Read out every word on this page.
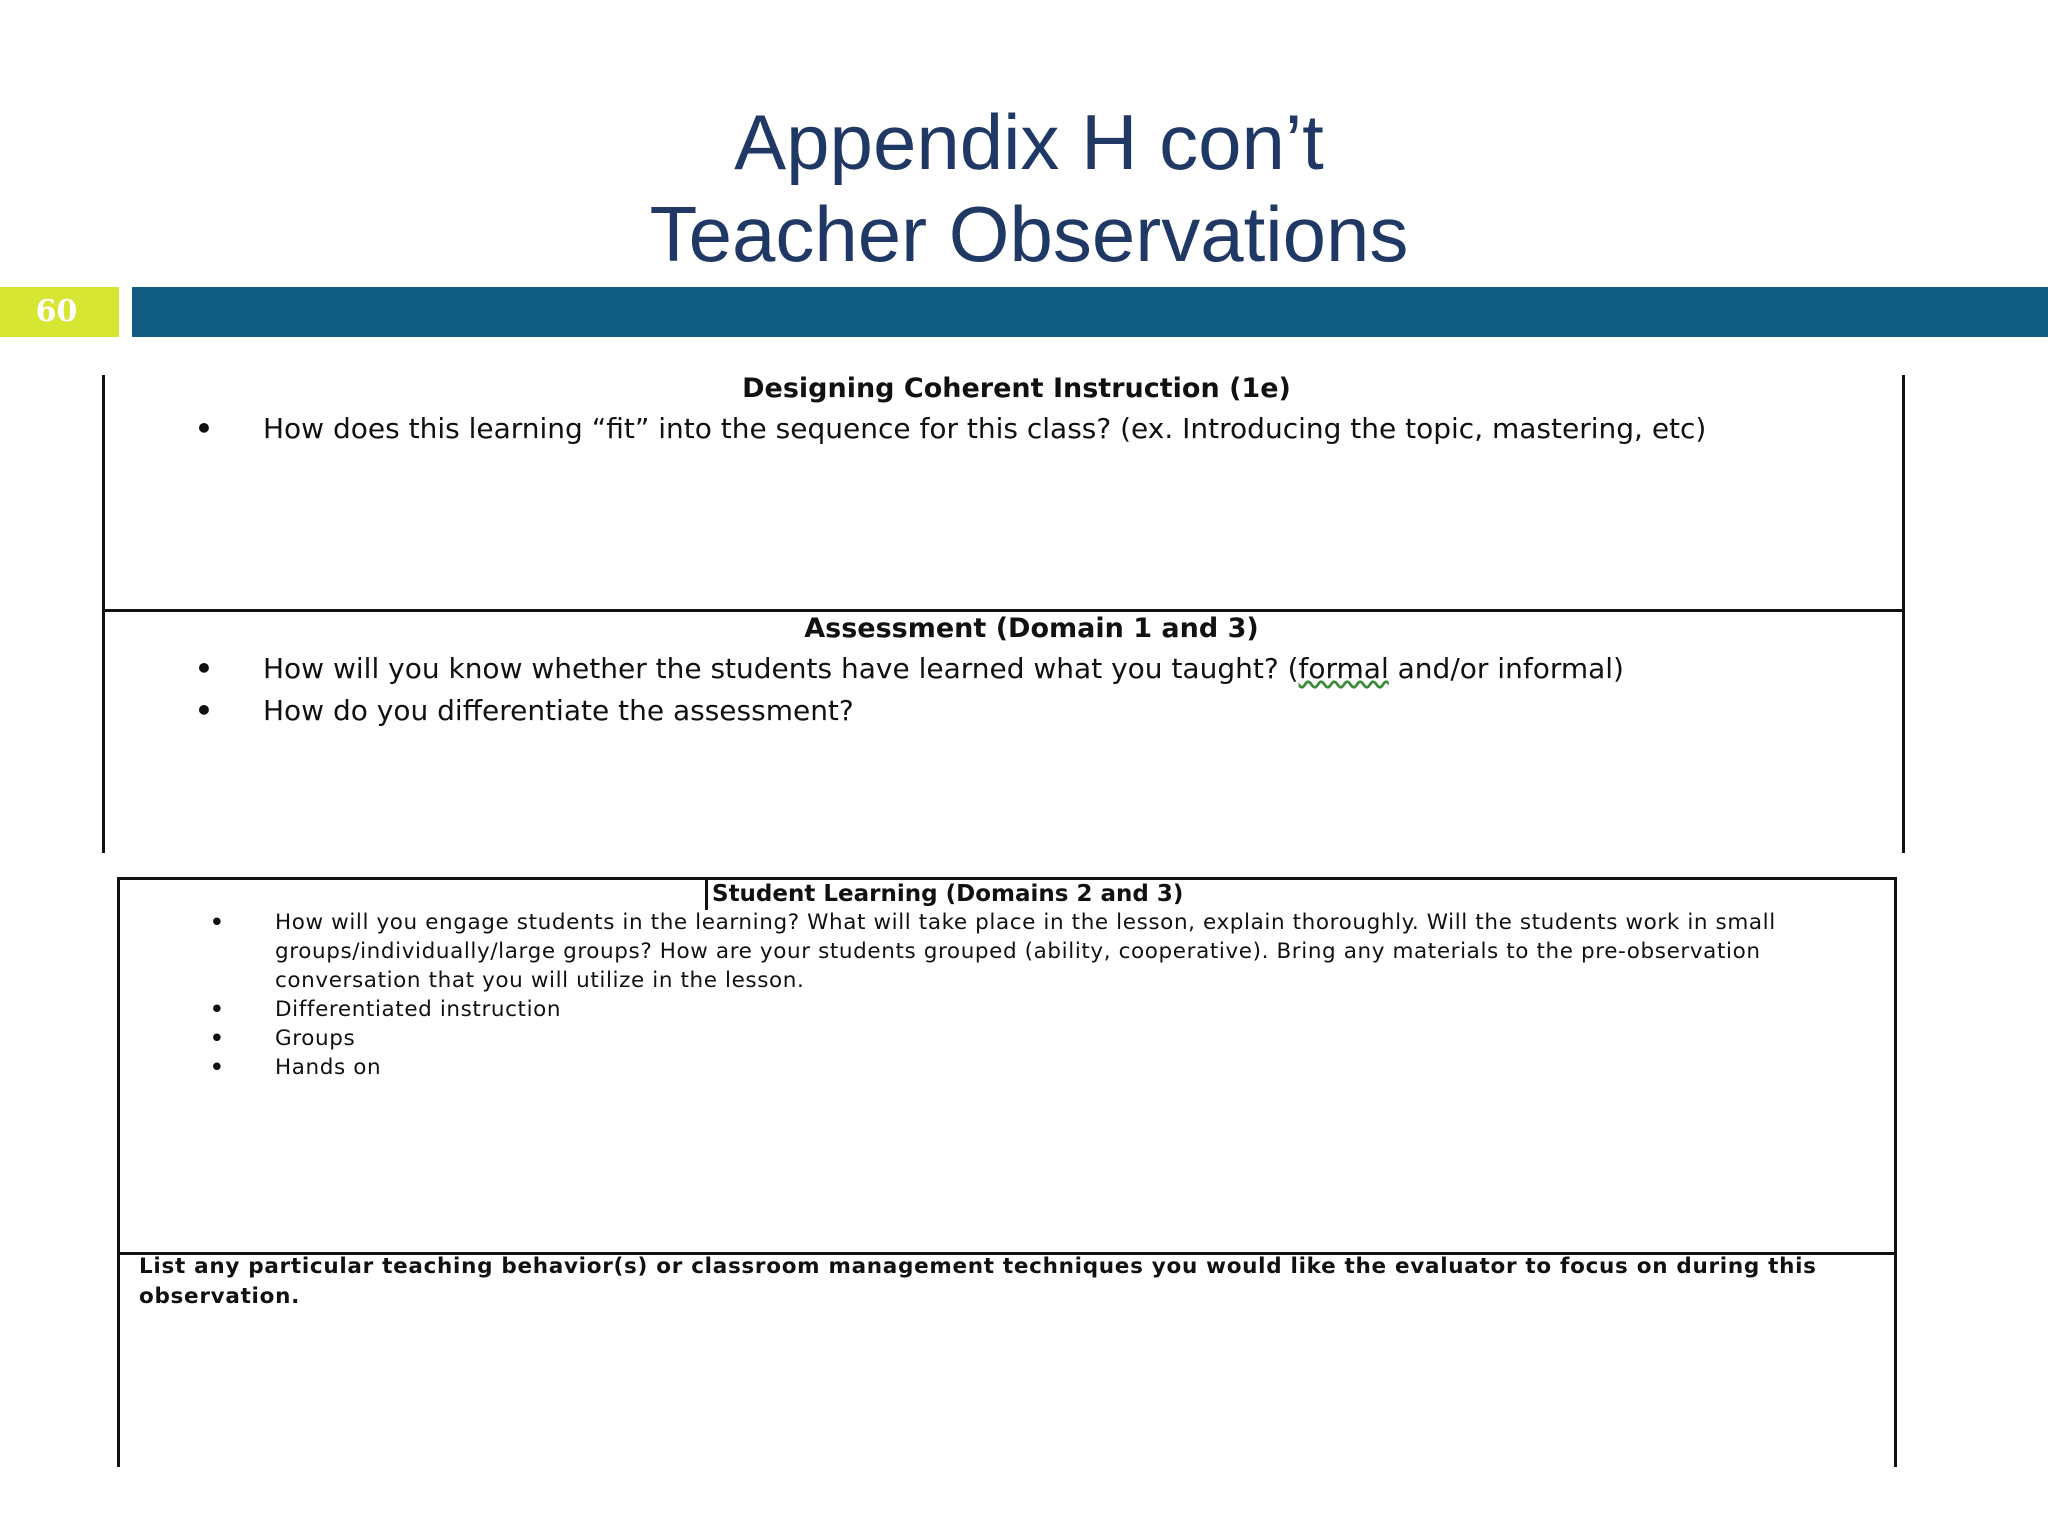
Appendix H con’t
Teacher Observations
60
Designing Coherent Instruction (1e)
• How does this learning “fit” into the sequence for this class? (ex. Introducing the topic, mastering, etc)
Assessment (Domain 1 and 3)
• How will you know whether the students have learned what you taught? (formal and/or informal)
• How do you differentiate the assessment?
Student Learning (Domains 2 and 3)
• How will you engage students in the learning? What will take place in the lesson, explain thoroughly. Will the students work in small groups/individually/large groups? How are your students grouped (ability, cooperative). Bring any materials to the pre-observation conversation that you will utilize in the lesson.
• Differentiated instruction
• Groups
• Hands on
List any particular teaching behavior(s) or classroom management techniques you would like the evaluator to focus on during this observation.
